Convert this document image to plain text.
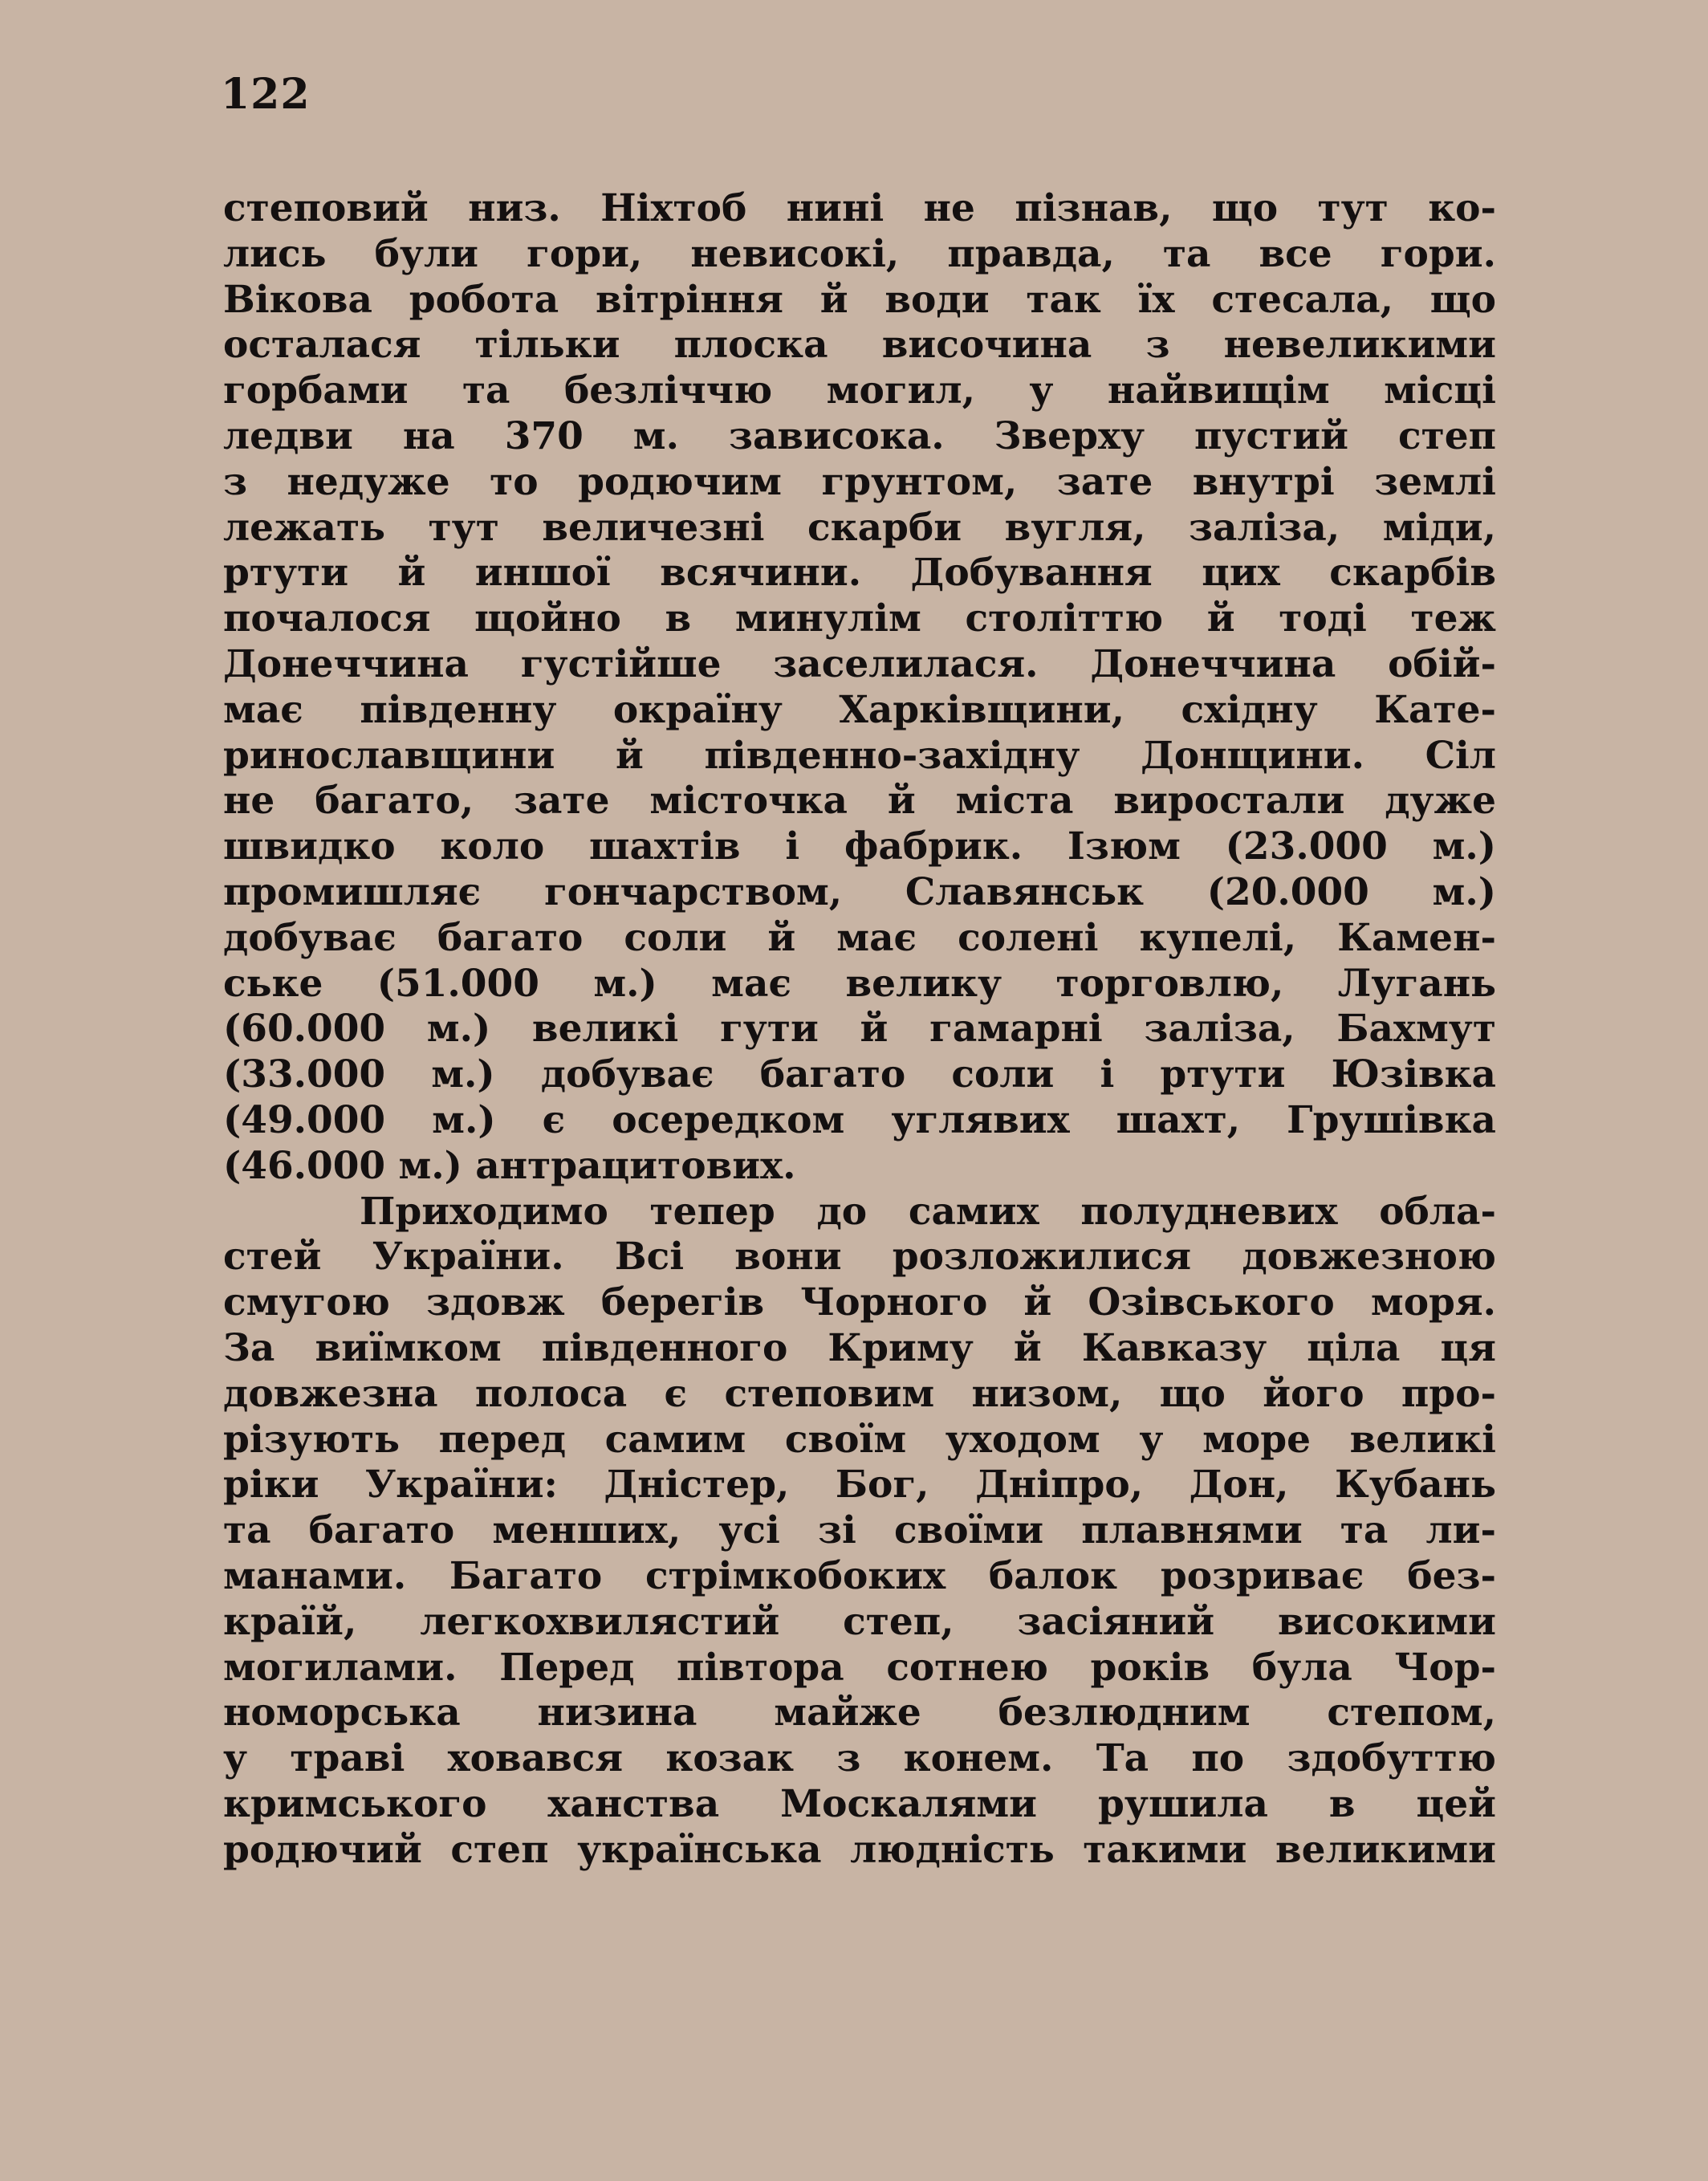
122
степовий низ. Ніхтоб нині не пізнав, що тут ко-
лись були гори, невисокі, правда, та все гори.
Вікова робота вітріння й води так їх стесала, що
осталася тільки плоска височина з невеликими
горбами та безліччю могил, у найвищім місці
ледви на 370 м. зависока. Зверху пустий степ
з недуже то родючим грунтом, зате внутрі землі
лежать тут величезні скарби вугля, заліза, міди,
ртути й иншої всячини. Добування цих скарбів
почалося щойно в минулім століттю й тоді теж
Донеччина густійше заселилася. Донеччина обій-
має південну окраїну Харківщини, східну Кате-
ринославщини й південно-західну Донщини. Сіл
не багато, зате місточка й міста виростали дуже
швидко коло шахтів і фабрик. Ізюм (23.000 м.)
промишляє гончарством, Славянськ (20.000 м.)
добуває багато соли й має солені купелі, Камен-
ське (51.000 м.) має велику торговлю, Лугань
(60.000 м.) великі гути й гамарні заліза, Бахмут
(33.000 м.) добуває багато соли і ртути Юзівка
(49.000 м.) є осередком углявих шахт, Грушівка
(46.000 м.) антрацитових.
Приходимо тепер до самих полудневих обла-
стей України. Всі вони розложилися довжезною
смугою здовж берегів Чорного й Озівського моря.
За виїмком південного Криму й Кавказу ціла ця
довжезна полоса є степовим низом, що його про-
різують перед самим своїм уходом у море великі
ріки України: Дністер, Бог, Дніпро, Дон, Кубань
та багато менших, усі зі своїми плавнями та ли-
манами. Багато стрімкобоких балок розриває без-
країй, легкохвилястий степ, засіяний високими
могилами. Перед півтора сотнею років була Чор-
номорська низина майже безлюдним степом,
у траві ховався козак з конем. Та по здобуттю
кримського ханства Москалями рушила в цей
родючий степ українська людність такими великими
